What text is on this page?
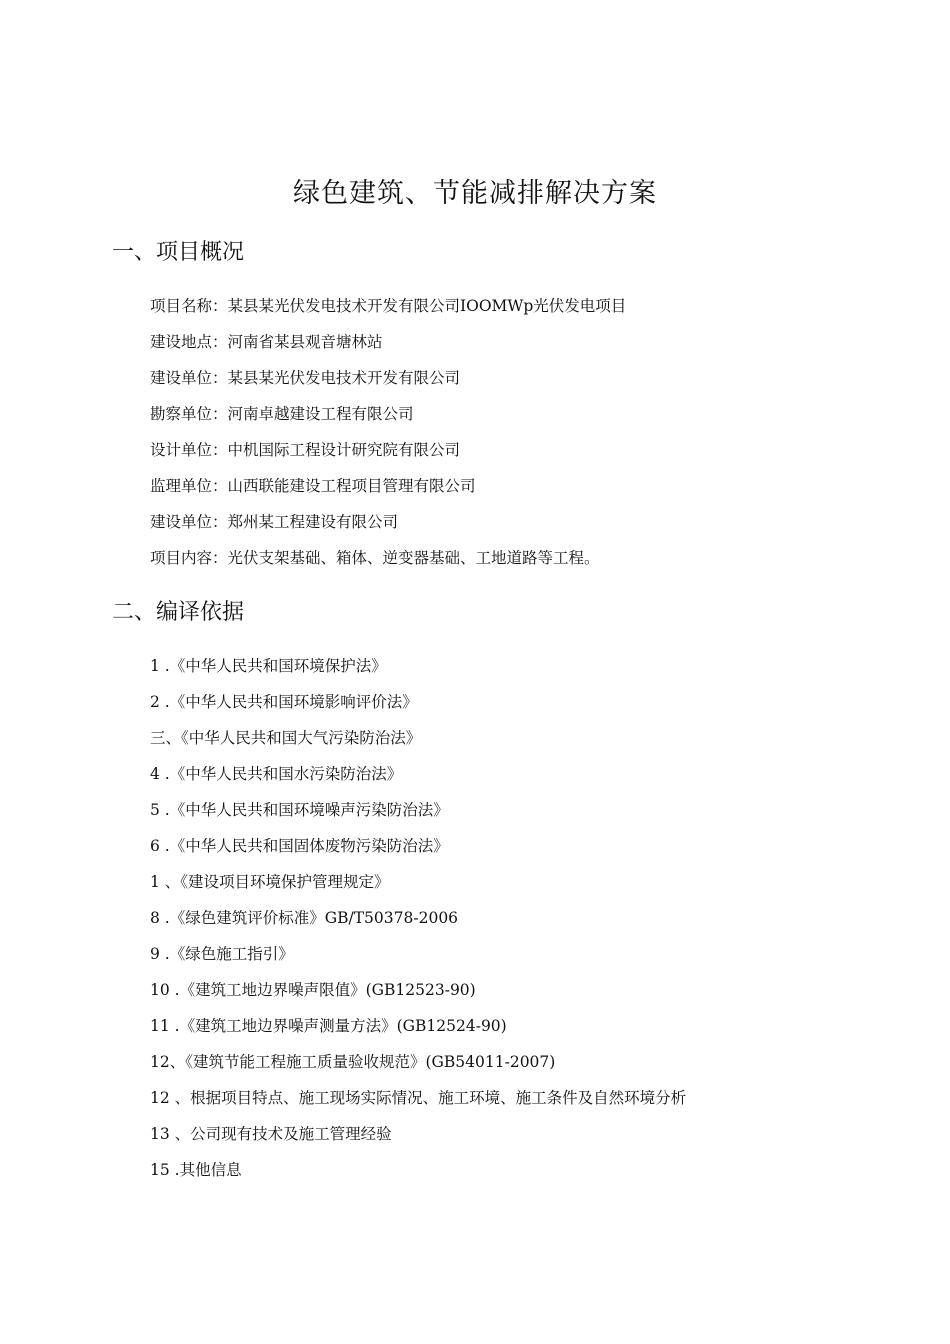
绿色建筑、节能减排解决方案
一、项目概况
项目名称：某县某光伏发电技术开发有限公司IOOMWp光伏发电项目
建设地点：河南省某县观音塘林站
建设单位：某县某光伏发电技术开发有限公司
勘察单位：河南卓越建设工程有限公司
设计单位：中机国际工程设计研究院有限公司
监理单位：山西联能建设工程项目管理有限公司
建设单位：郑州某工程建设有限公司
项目内容：光伏支架基础、箱体、逆变器基础、工地道路等工程。
二、编译依据
1 .《中华人民共和国环境保护法》
2 .《中华人民共和国环境影响评价法》
三、《中华人民共和国大气污染防治法》
4 .《中华人民共和国水污染防治法》
5 .《中华人民共和国环境噪声污染防治法》
6 .《中华人民共和国固体废物污染防治法》
1 、《建设项目环境保护管理规定》
8 .《绿色建筑评价标准》GB/T50378-2006
9 .《绿色施工指引》
10 .《建筑工地边界噪声限值》(GB12523-90)
11 .《建筑工地边界噪声测量方法》(GB12524-90)
12、《建筑节能工程施工质量验收规范》(GB54011-2007)
12 、根据项目特点、施工现场实际情况、施工环境、施工条件及自然环境分析
13 、公司现有技术及施工管理经验
15 .其他信息
